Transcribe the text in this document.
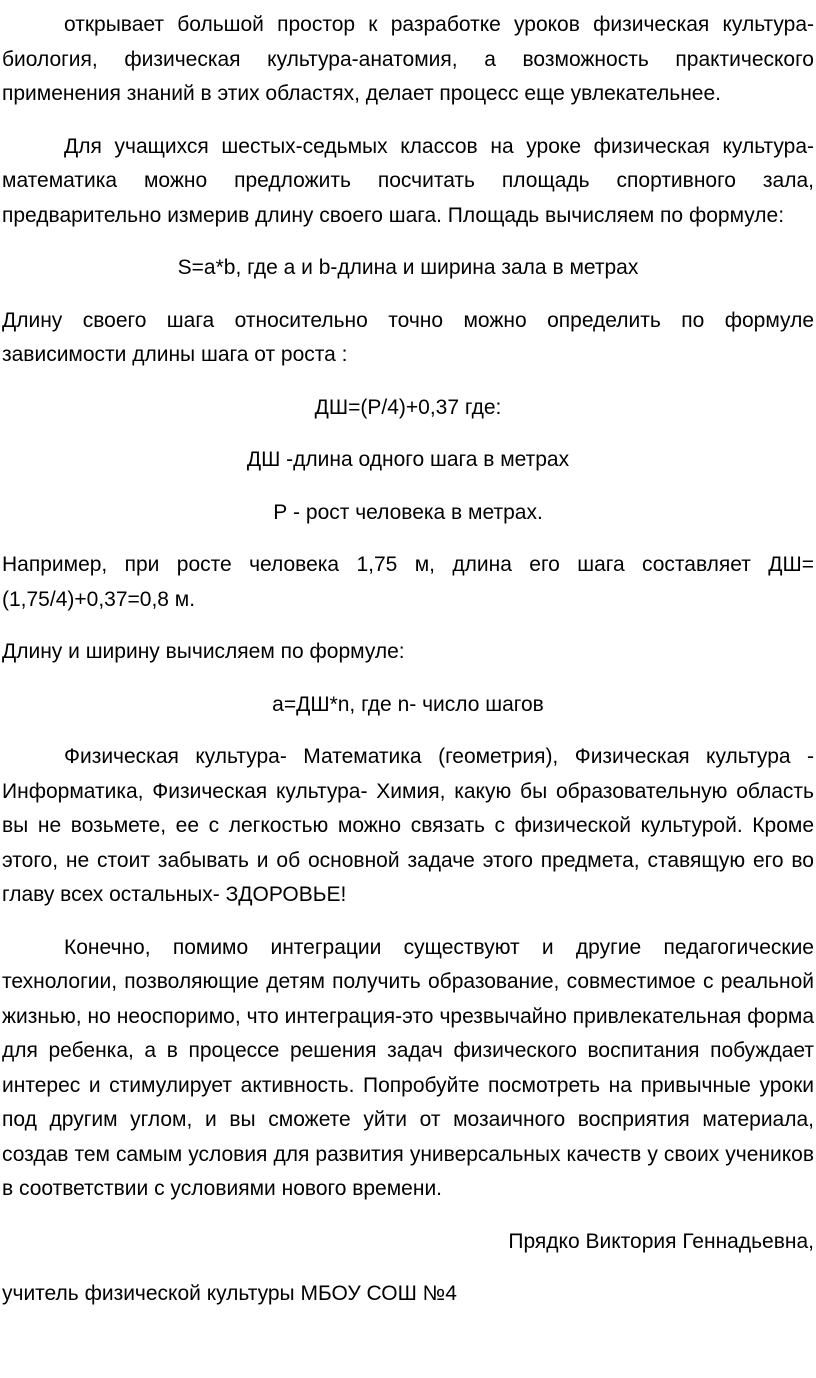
открывает большой простор к разработке уроков физическая культура-биология, физическая культура-анатомия, а возможность практического применения знаний в этих областях, делает процесс еще увлекательнее.

Для учащихся шестых-седьмых классов на уроке физическая культура-математика можно предложить посчитать площадь спортивного зала, предварительно измерив длину своего шага. Площадь вычисляем по формуле:

S=a*b, где a и b-длина и ширина зала в метрах

Длину своего шага относительно точно можно определить по формуле зависимости длины шага от роста :

ДШ=(Р/4)+0,37 где:

ДШ -длина одного шага в метрах

Р - рост человека в метрах.

Например, при росте человека 1,75 м, длина его шага составляет ДШ=(1,75/4)+0,37=0,8 м.

Длину и ширину вычисляем по формуле:

a=ДШ*n, где n- число шагов

Физическая культура- Математика (геометрия), Физическая культура - Информатика, Физическая культура- Химия, какую бы образовательную область вы не возьмете, ее с легкостью можно связать с физической культурой. Кроме этого, не стоит забывать и об основной задаче этого предмета, ставящую его во главу всех остальных- ЗДОРОВЬЕ!

Конечно, помимо интеграции существуют и другие педагогические технологии, позволяющие детям получить образование, совместимое с реальной жизнью, но неоспоримо, что интеграция-это чрезвычайно привлекательная форма для ребенка, а в процессе решения задач физического воспитания побуждает интерес и стимулирует активность. Попробуйте посмотреть на привычные уроки под другим углом, и вы сможете уйти от мозаичного восприятия материала, создав тем самым условия для развития универсальных качеств у своих учеников в соответствии с условиями нового времени.

Прядко Виктория Геннадьевна,

учитель физической культуры МБОУ СОШ №4
